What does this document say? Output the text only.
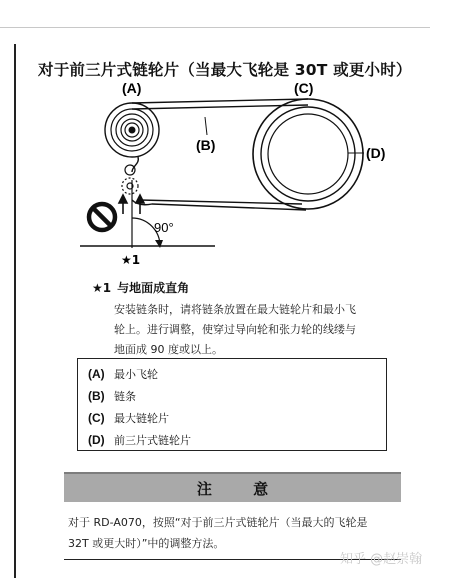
对于前三片式链轮片（当最大飞轮是 30T 或更小时）
(A)
(B)
(C)
(D)
90°
★1
★1 与地面成直角
安装链条时，请将链条放置在最大链轮片和最小飞
轮上。进行调整，使穿过导向轮和张力轮的线缕与
地面成 90 度或以上。
(A) 最小飞轮
(B) 链条
(C) 最大链轮片
(D) 前三片式链轮片
注 意
对于 RD-A070，按照“对于前三片式链轮片（当最大的飞轮是
32T 或更大时）”中的调整方法。
知乎 @赵崇翰
